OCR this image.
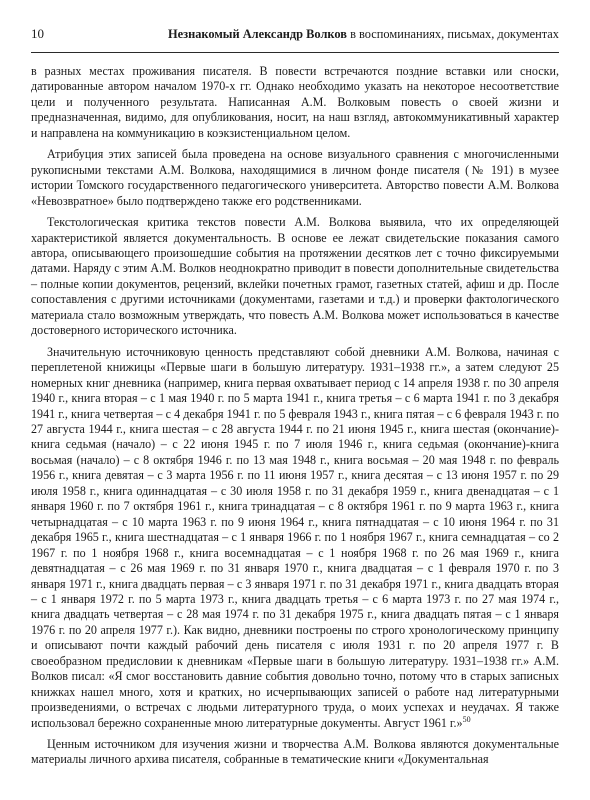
10	Незнакомый Александр Волков в воспоминаниях, письмах, документах

в разных местах проживания писателя. В повести встречаются поздние вставки или сноски, датированные автором началом 1970-х гг. Однако необходимо указать на некоторое несоответствие цели и полученного результата. Написанная А.М. Волковым повесть о своей жизни и предназначенная, видимо, для опубликования, носит, на наш взгляд, автокоммуникативный характер и направлена на коммуникацию в коэкзистенциальном целом.

Атрибуция этих записей была проведена на основе визуального сравнения с многочисленными рукописными текстами А.М. Волкова, находящимися в личном фонде писателя (№ 191) в музее истории Томского государственного педагогического университета. Авторство повести А.М. Волкова «Невозвратное» было подтверждено также его родственниками.

Текстологическая критика текстов повести А.М. Волкова выявила, что их определяющей характеристикой является документальность. В основе ее лежат свидетельские показания самого автора, описывающего произошедшие события на протяжении десятков лет с точно фиксируемыми датами. Наряду с этим А.М. Волков неоднократно приводит в повести дополнительные свидетельства – полные копии документов, рецензий, вклейки почетных грамот, газетных статей, афиш и др. После сопоставления с другими источниками (документами, газетами и т.д.) и проверки фактологического материала стало возможным утверждать, что повесть А.М. Волкова может использоваться в качестве достоверного исторического источника.

Значительную источниковую ценность представляют собой дневники А.М. Волкова, начиная с переплетеной книжицы «Первые шаги в большую литературу. 1931–1938 гг.», а затем следуют 25 номерных книг дневника (например, книга первая охватывает период с 14 апреля 1938 г. по 30 апреля 1940 г., книга вторая – с 1 мая 1940 г. по 5 марта 1941 г., книга третья – с 6 марта 1941 г. по 3 декабря 1941 г., книга четвертая – с 4 декабря 1941 г. по 5 февраля 1943 г., книга пятая – с 6 февраля 1943 г. по 27 августа 1944 г., книга шестая – с 28 августа 1944 г. по 21 июня 1945 г., книга шестая (окончание)- книга седьмая (начало) – с 22 июня 1945 г. по 7 июля 1946 г., книга седьмая (окончание)-книга восьмая (начало) – с 8 октября 1946 г. по 13 мая 1948 г., книга восьмая – 20 мая 1948 г. по февраль 1956 г., книга девятая – с 3 марта 1956 г. по 11 июня 1957 г., книга десятая – с 13 июня 1957 г. по 29 июля 1958 г., книга одиннадцатая – с 30 июля 1958 г. по 31 декабря 1959 г., книга двенадцатая – с 1 января 1960 г. по 7 октября 1961 г., книга тринадцатая – с 8 октября 1961 г. по 9 марта 1963 г., книга четырнадцатая – с 10 марта 1963 г. по 9 июня 1964 г., книга пятнадцатая – с 10 июня 1964 г. по 31 декабря 1965 г., книга шестнадцатая – с 1 января 1966 г. по 1 ноября 1967 г., книга семнадцатая – со 2 1967 г. по 1 ноября 1968 г., книга восемнадцатая – с 1 ноября 1968 г. по 26 мая 1969 г., книга девятнадцатая – с 26 мая 1969 г. по 31 января 1970 г., книга двадцатая – с 1 февраля 1970 г. по 3 января 1971 г., книга двадцать первая – с 3 января 1971 г. по 31 декабря 1971 г., книга двадцать вторая – с 1 января 1972 г. по 5 марта 1973 г., книга двадцать третья – с 6 марта 1973 г. по 27 мая 1974 г., книга двадцать четвертая – с 28 мая 1974 г. по 31 декабря 1975 г., книга двадцать пятая – с 1 января 1976 г. по 20 апреля 1977 г.). Как видно, дневники построены по строго хронологическому принципу и описывают почти каждый рабочий день писателя с июля 1931 г. по 20 апреля 1977 г. В своеобразном предисловии к дневникам «Первые шаги в большую литературу. 1931–1938 гг.» А.М. Волков писал: «Я смог восстановить давние события довольно точно, потому что в старых записных книжках нашел много, хотя и кратких, но исчерпывающих записей о работе над литературными произведениями, о встречах с людьми литературного труда, о моих успехах и неудачах. Я также использовал бережно сохраненные мною литературные документы. Август 1961 г.»$^{50}$

Ценным источником для изучения жизни и творчества А.М. Волкова являются документальные материалы личного архива писателя, собранные в тематические книги «Документальная
